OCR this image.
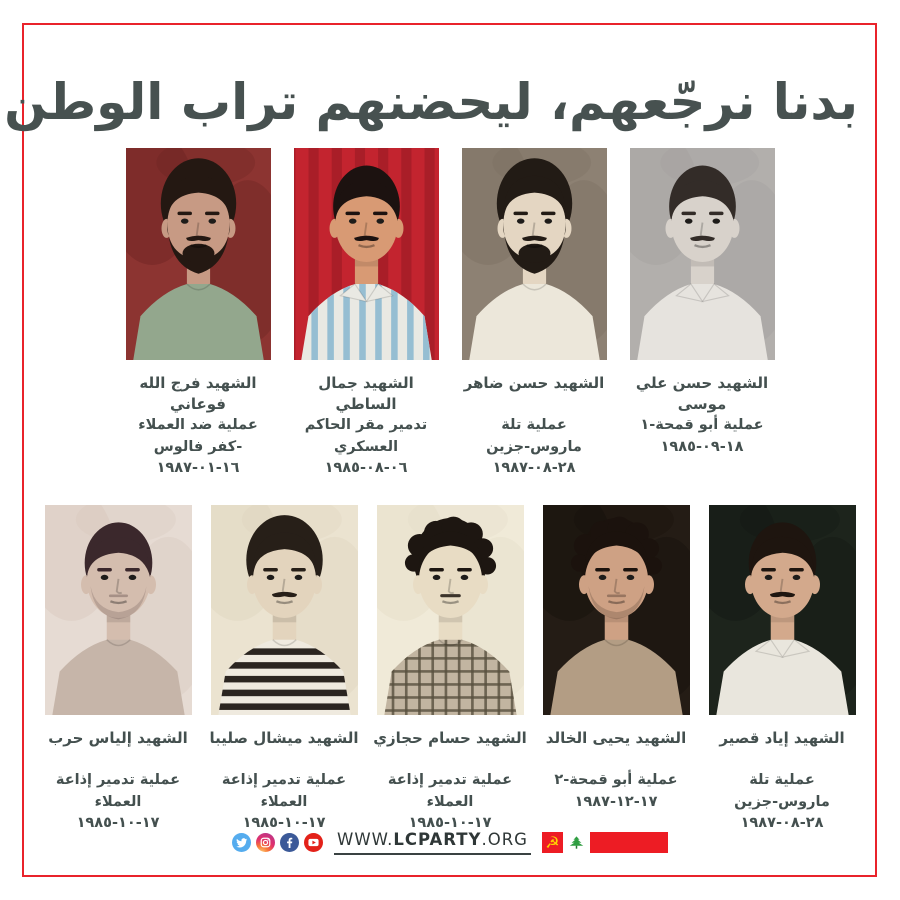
بدنا نرجّعهم، ليحضنهم تراب الوطن
الشهيد فرج الله فوعاني
عملية ضد العملاء
-كفر فالوس
١٦-٠١-١٩٨٧
الشهيد جمال الساطي
تدمير مقر الحاكم
العسكري
٠٦-٠٨-١٩٨٥
الشهيد حسن ضاهر
عملية تلة
ماروس-جزين
٢٨-٠٨-١٩٨٧
الشهيد حسن علي موسى
عملية أبو قمحة-١
١٨-٠٩-١٩٨٥
الشهيد إلياس حرب
عملية تدمير إذاعة
العملاء
١٧-١٠-١٩٨٥
الشهيد ميشال صليبا
عملية تدمير إذاعة
العملاء
١٧-١٠-١٩٨٥
الشهيد حسام حجازي
عملية تدمير إذاعة
العملاء
١٧-١٠-١٩٨٥
الشهيد يحيى الخالد
عملية أبو قمحة-٢
١٧-١٢-١٩٨٧
الشهيد إياد قصير
عملية تلة
ماروس-جزين
٢٨-٠٨-١٩٨٧
WWW.LCPARTY.ORG ☭
